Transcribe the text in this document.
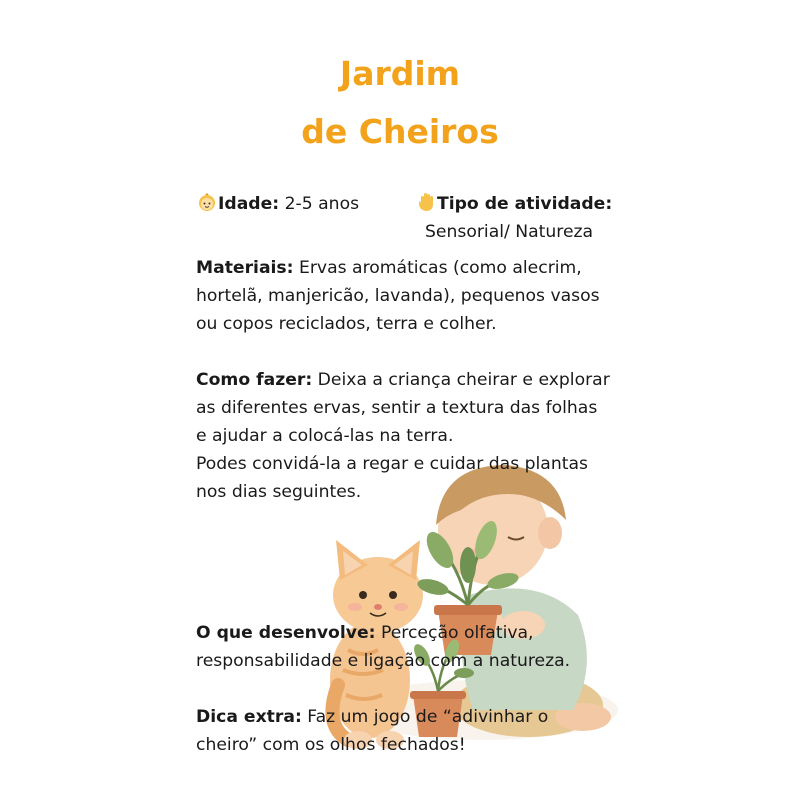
Jardim
de Cheiros
Idade: 2-5 anos	Tipo de atividade:
Sensorial/ Natureza
Materiais: Ervas aromáticas (como alecrim,
hortelã, manjericão, lavanda), pequenos vasos
ou copos reciclados, terra e colher.
Como fazer: Deixa a criança cheirar e explorar
as diferentes ervas, sentir a textura das folhas
e ajudar a colocá-las na terra.
Podes convidá-la a regar e cuidar das plantas
nos dias seguintes.
O que desenvolve: Perceção olfativa,
responsabilidade e ligação com a natureza.
Dica extra: Faz um jogo de “adivinhar o
cheiro” com os olhos fechados!
